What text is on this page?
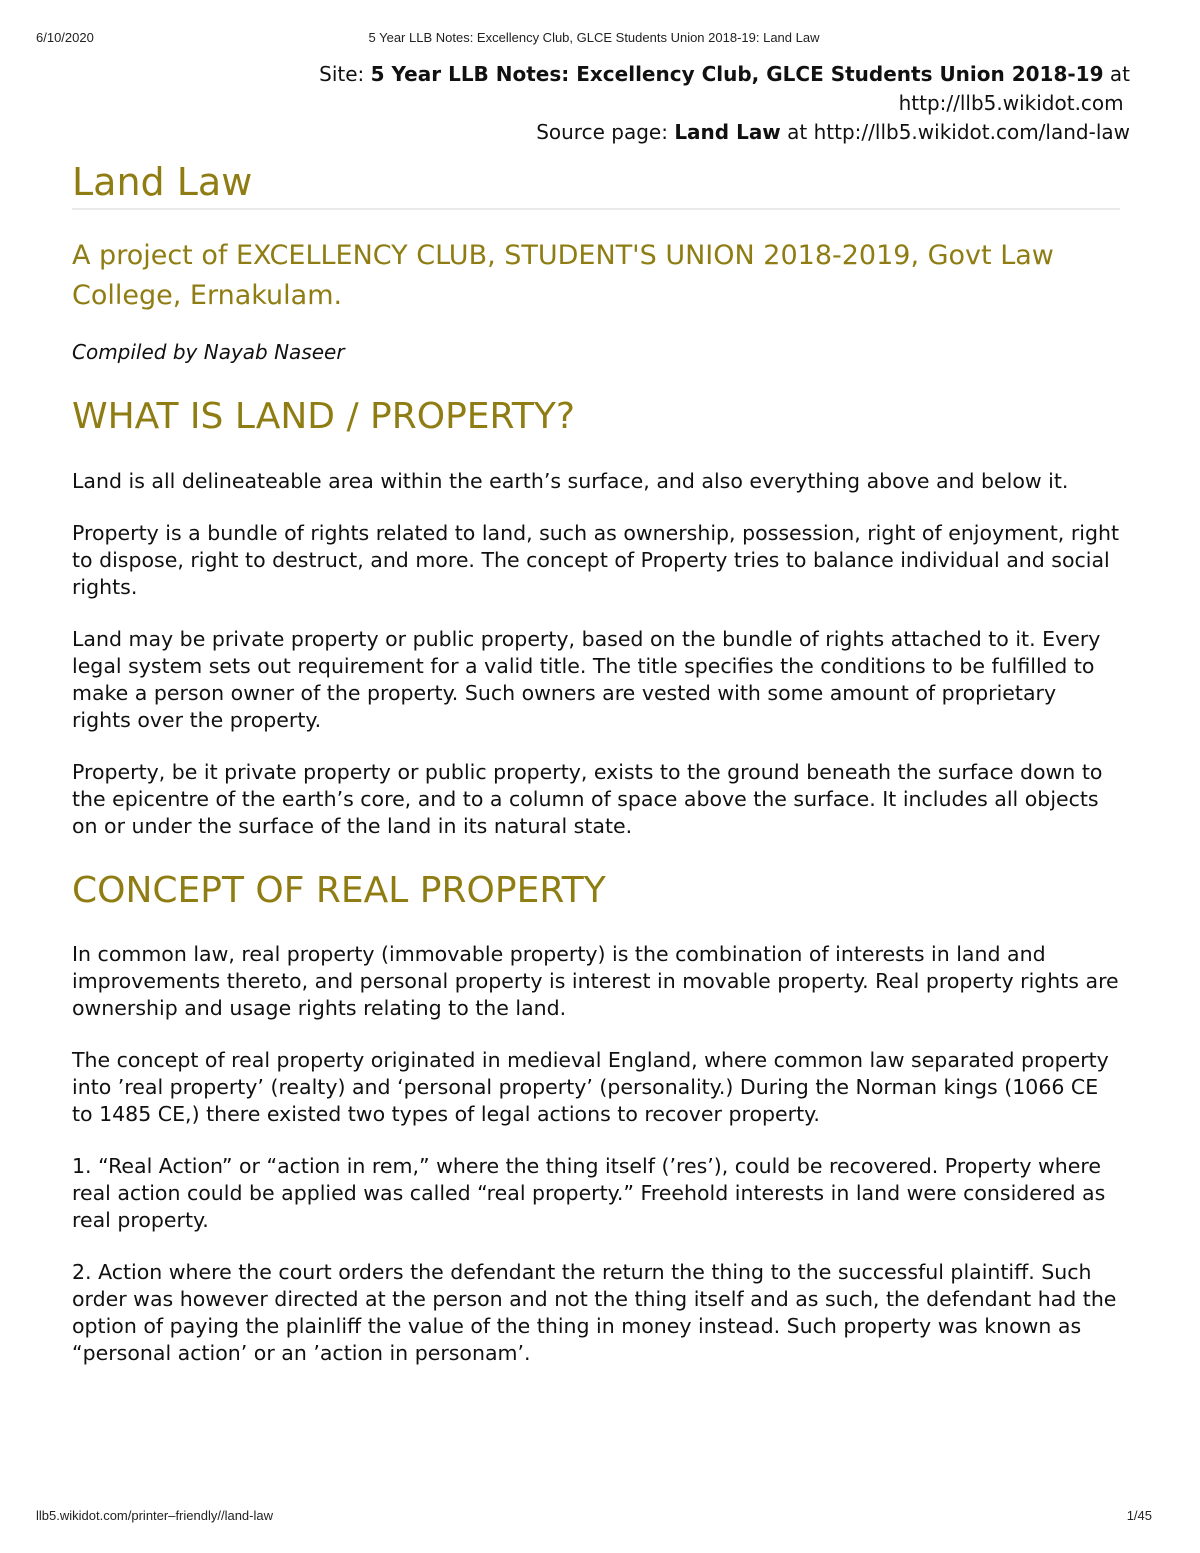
6/10/2020	5 Year LLB Notes: Excellency Club, GLCE Students Union 2018-19: Land Law
Site: 5 Year LLB Notes: Excellency Club, GLCE Students Union 2018-19 at
http://llb5.wikidot.com
Source page: Land Law at http://llb5.wikidot.com/land-law
Land Law
A project of EXCELLENCY CLUB, STUDENT'S UNION 2018-2019, Govt Law College, Ernakulam.

Compiled by Nayab Naseer

WHAT IS LAND / PROPERTY?

Land is all delineateable area within the earth’s surface, and also everything above and below it.

Property is a bundle of rights related to land, such as ownership, possession, right of enjoyment, right to dispose, right to destruct, and more. The concept of Property tries to balance individual and social rights.

Land may be private property or public property, based on the bundle of rights attached to it. Every legal system sets out requirement for a valid title. The title specifies the conditions to be fulfilled to make a person owner of the property. Such owners are vested with some amount of proprietary rights over the property.

Property, be it private property or public property, exists to the ground beneath the surface down to the epicentre of the earth’s core, and to a column of space above the surface. It includes all objects on or under the surface of the land in its natural state.

CONCEPT OF REAL PROPERTY

In common law, real property (immovable property) is the combination of interests in land and improvements thereto, and personal property is interest in movable property. Real property rights are ownership and usage rights relating to the land.

The concept of real property originated in medieval England, where common law separated property into ’real property’ (realty) and ‘personal property’ (personality.) During the Norman kings (1066 CE to 1485 CE,) there existed two types of legal actions to recover property.

1. “Real Action” or “action in rem,” where the thing itself (’res’), could be recovered. Property where real action could be applied was called “real property.” Freehold interests in land were considered as real property.

2. Action where the court orders the defendant the return the thing to the successful plaintiff. Such order was however directed at the person and not the thing itself and as such, the defendant had the option of paying the plainliff the value of the thing in money instead. Such property was known as “personal action’ or an ’action in personam’.

llb5.wikidot.com/printer–friendly//land-law	1/45
